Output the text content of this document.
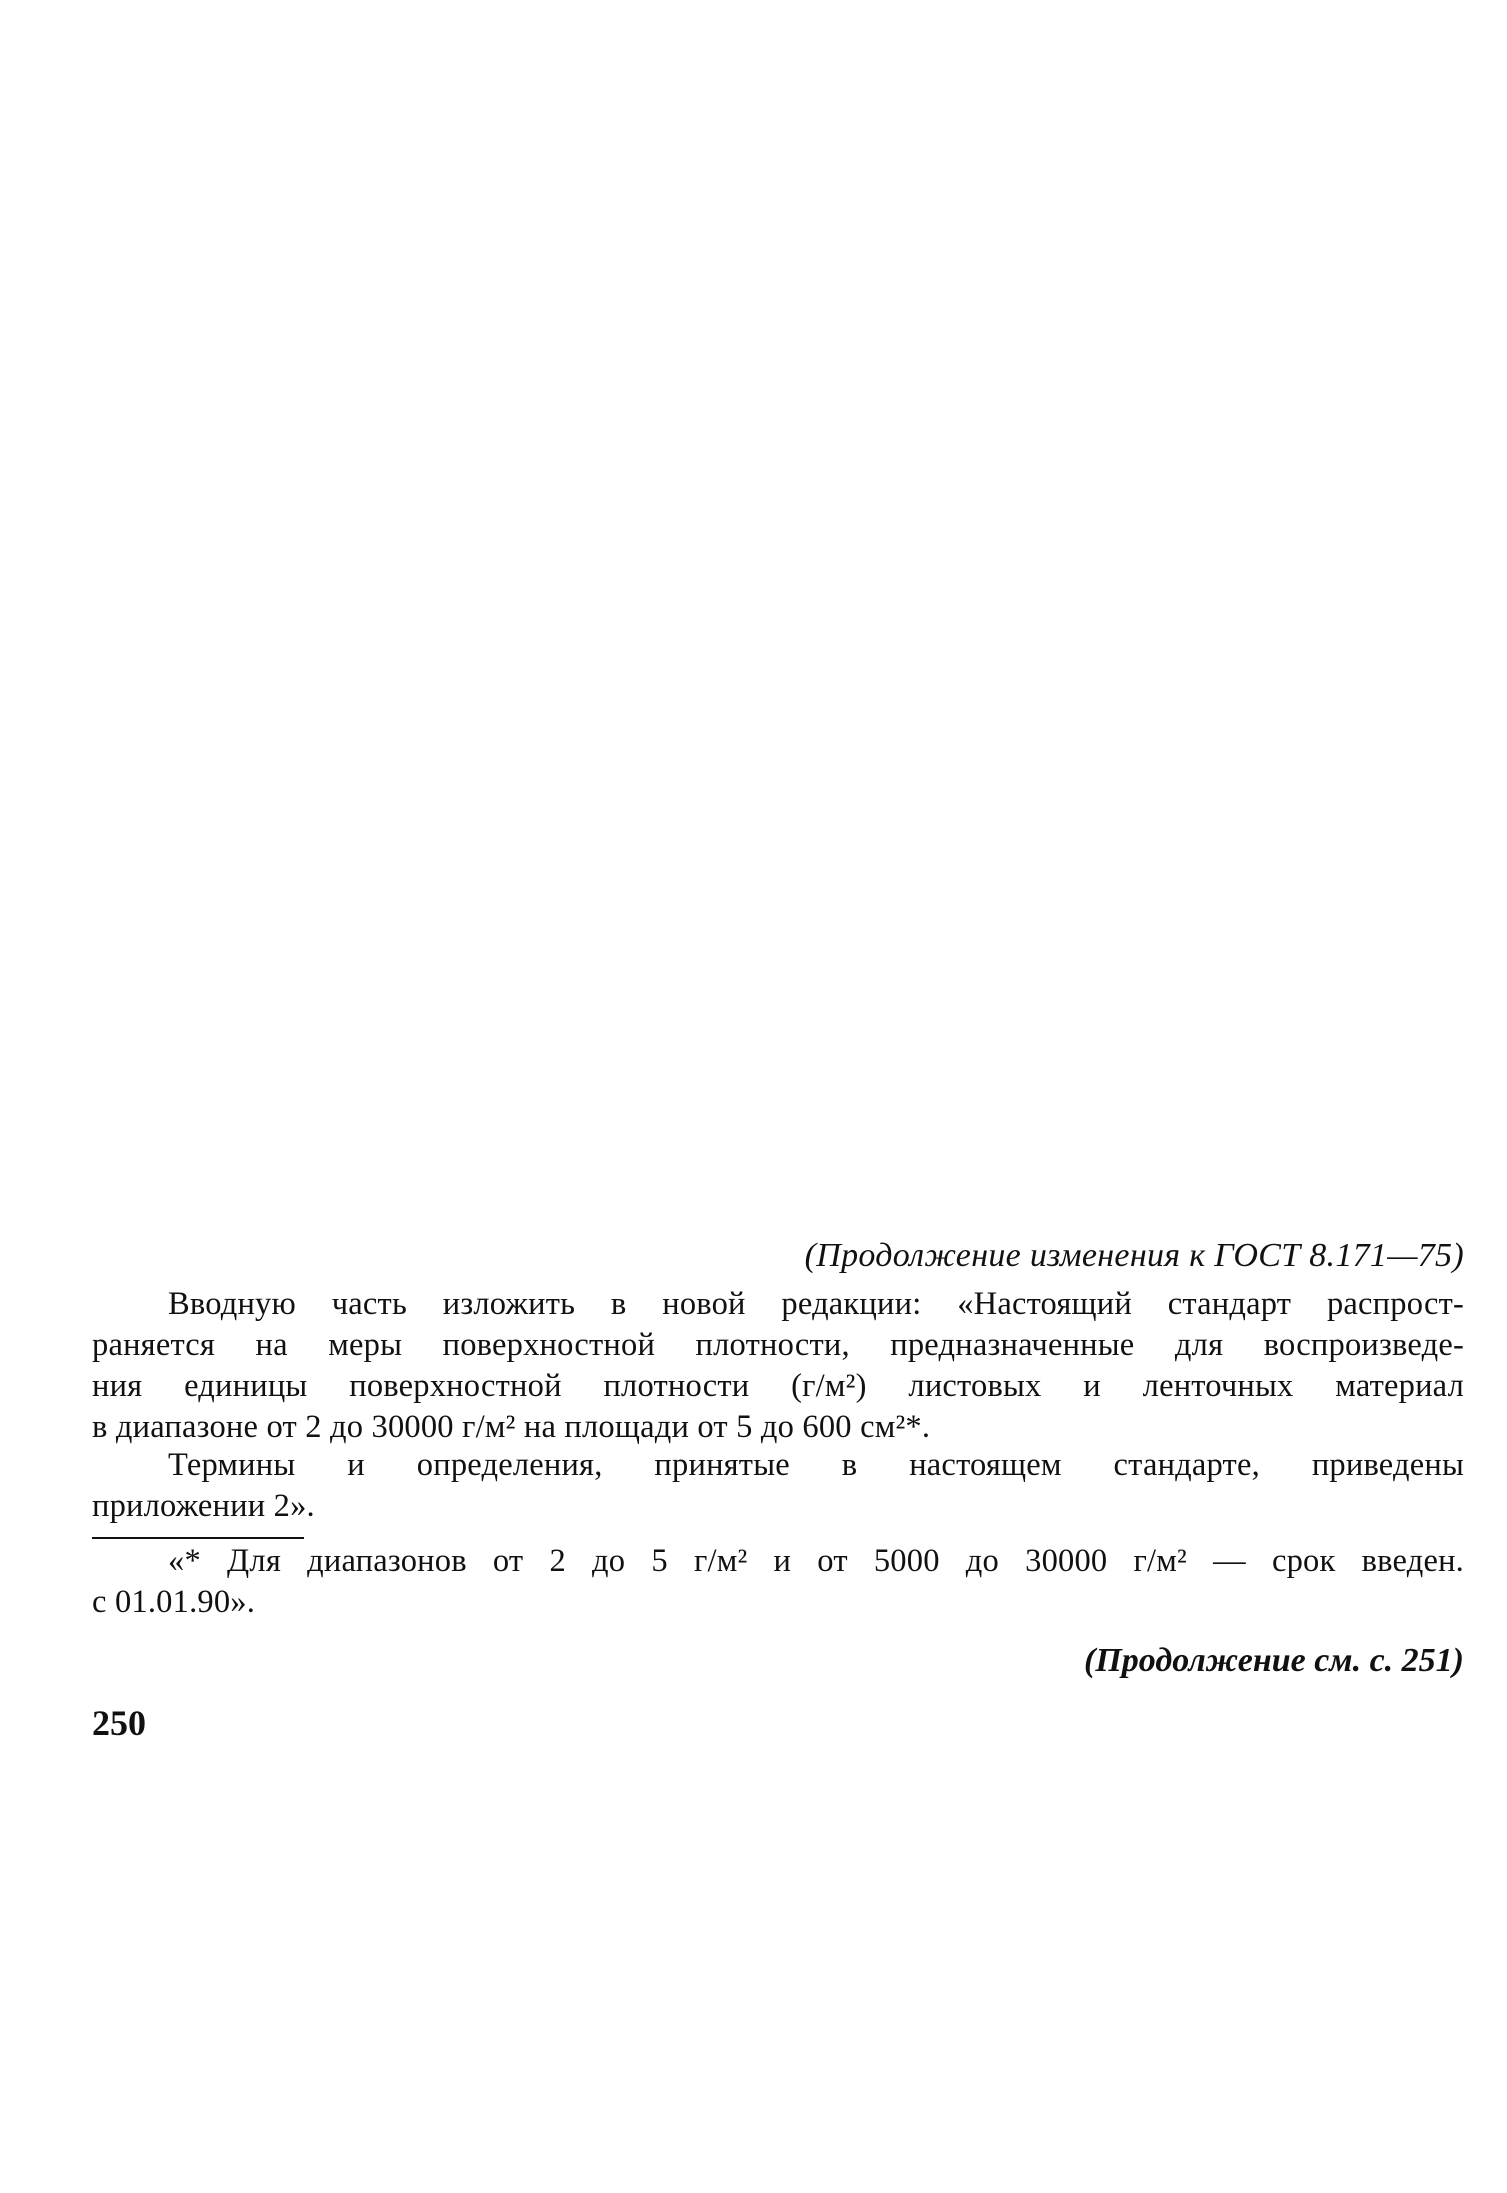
(Продолжение изменения к ГОСТ 8.171—75)
Вводную часть изложить в новой редакции: «Настоящий стандарт распрост-
раняется на меры поверхностной плотности, предназначенные для воспроизведе-
ния единицы поверхностной плотности (г/м²) листовых и ленточных материал
в диапазоне от 2 до 30000 г/м² на площади от 5 до 600 см²*.
Термины и определения, принятые в настоящем стандарте, приведены
приложении 2».
«* Для диапазонов от 2 до 5 г/м² и от 5000 до 30000 г/м² — срок введен.
с 01.01.90».
(Продолжение см. с. 251)
250
